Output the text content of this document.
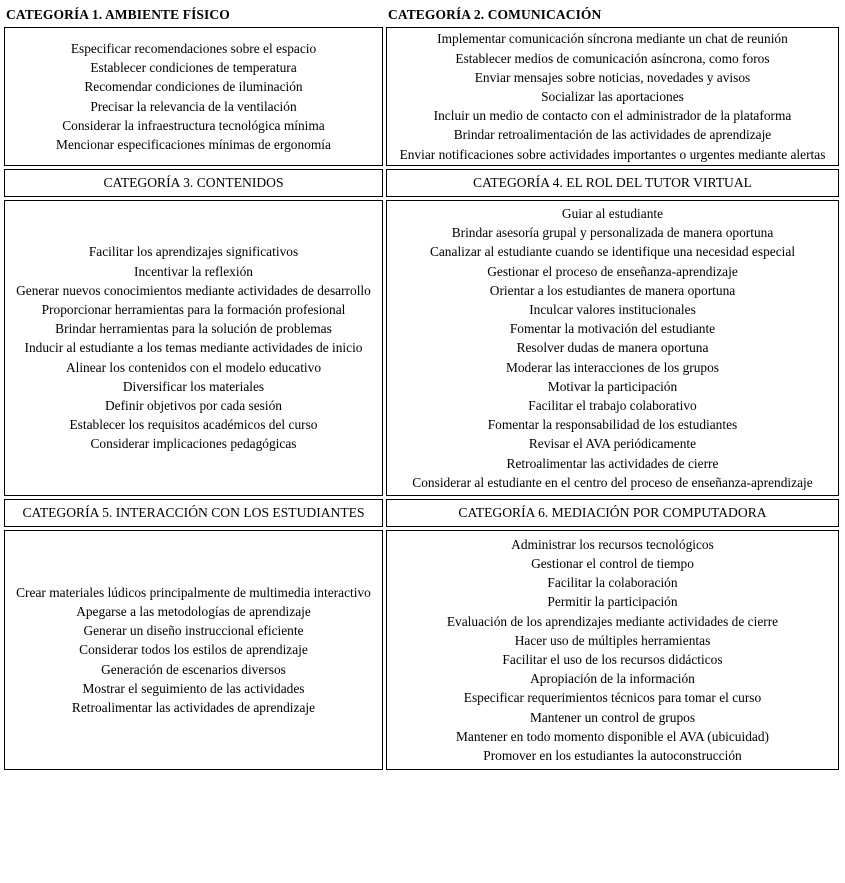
CATEGORÍA 1. AMBIENTE FÍSICO
Especificar recomendaciones sobre el espacio
Establecer condiciones de temperatura
Recomendar condiciones de iluminación
Precisar la relevancia de la ventilación
Considerar la infraestructura tecnológica mínima
Mencionar especificaciones mínimas de ergonomía
CATEGORÍA 3. CONTENIDOS
Facilitar los aprendizajes significativos
Incentivar la reflexión
Generar nuevos conocimientos mediante actividades de desarrollo
Proporcionar herramientas para la formación profesional
Brindar herramientas para la solución de problemas
Inducir al estudiante a los temas mediante actividades de inicio
Alinear los contenidos con el modelo educativo
Diversificar los materiales
Definir objetivos por cada sesión
Establecer los requisitos académicos del curso
Considerar implicaciones pedagógicas
CATEGORÍA 5. INTERACCIÓN CON LOS ESTUDIANTES
Crear materiales lúdicos principalmente de multimedia interactivo
Apegarse a las metodologías de aprendizaje
Generar un diseño instruccional eficiente
Considerar todos los estilos de aprendizaje
Generación de escenarios diversos
Mostrar el seguimiento de las actividades
Retroalimentar las actividades de aprendizaje
CATEGORÍA 2. COMUNICACIÓN
Implementar comunicación síncrona mediante un chat de reunión
Establecer medios de comunicación asíncrona, como foros
Enviar mensajes sobre noticias, novedades y avisos
Socializar las aportaciones
Incluir un medio de contacto con el administrador de la plataforma
Brindar retroalimentación de las actividades de aprendizaje
Enviar notificaciones sobre actividades importantes o urgentes mediante alertas
CATEGORÍA 4. EL ROL DEL TUTOR VIRTUAL
Guiar al estudiante
Brindar asesoría grupal y personalizada de manera oportuna
Canalizar al estudiante cuando se identifique una necesidad especial
Gestionar el proceso de enseñanza-aprendizaje
Orientar a los estudiantes de manera oportuna
Inculcar valores institucionales
Fomentar la motivación del estudiante
Resolver dudas de manera oportuna
Moderar las interacciones de los grupos
Motivar la participación
Facilitar el trabajo colaborativo
Fomentar la responsabilidad de los estudiantes
Revisar el AVA periódicamente
Retroalimentar las actividades de cierre
Considerar al estudiante en el centro del proceso de enseñanza-aprendizaje
CATEGORÍA 6. MEDIACIÓN POR COMPUTADORA
Administrar los recursos tecnológicos
Gestionar el control de tiempo
Facilitar la colaboración
Permitir la participación
Evaluación de los aprendizajes mediante actividades de cierre
Hacer uso de múltiples herramientas
Facilitar el uso de los recursos didácticos
Apropiación de la información
Especificar requerimientos técnicos para tomar el curso
Mantener un control de grupos
Mantener en todo momento disponible el AVA (ubicuidad)
Promover en los estudiantes la autoconstrucción
